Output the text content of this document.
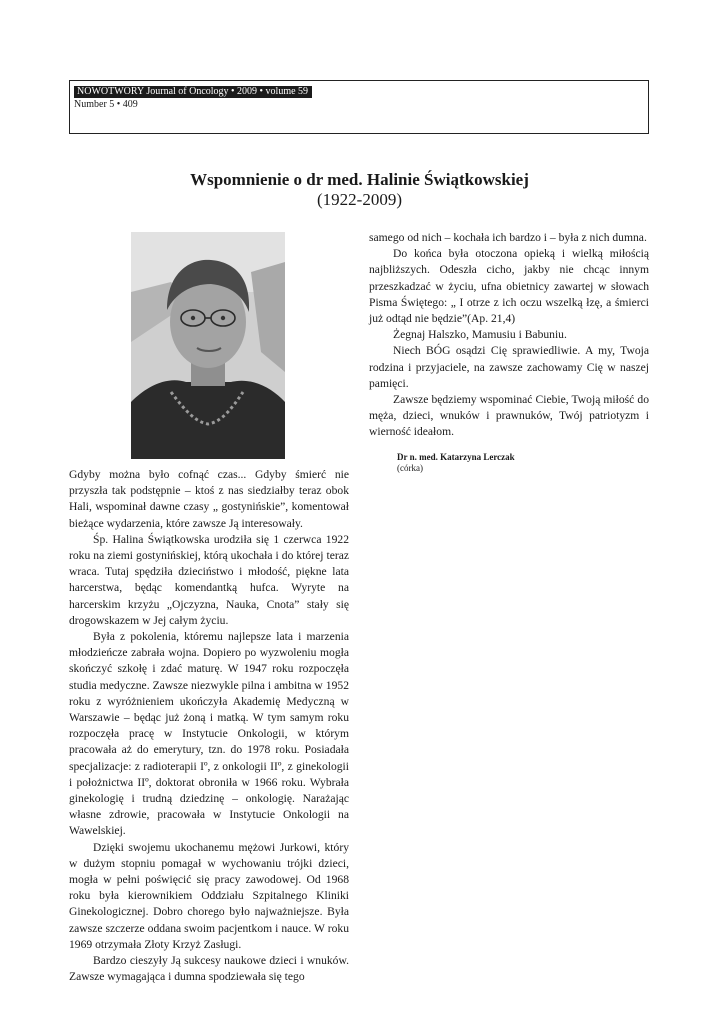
NOWOTWORY Journal of Oncology • 2009 • volume 59
Number 5 • 409
Wspomnienie o dr med. Halinie Świątkowskiej
(1922-2009)

Gdyby można było cofnąć czas... Gdyby śmierć nie przyszła tak podstępnie – ktoś z nas siedziałby teraz obok Hali, wspominał dawne czasy „ gostynińskie”, komentował bieżące wydarzenia, które zawsze Ją interesowały.

Śp. Halina Świątkowska urodziła się 1 czerwca 1922 roku na ziemi gostynińskiej, którą ukochała i do której teraz wraca. Tutaj spędziła dzieciństwo i młodość, piękne lata harcerstwa, będąc komendantką hufca. Wyryte na harcerskim krzyżu „Ojczyzna, Nauka, Cnota” stały się drogowskazem w Jej całym życiu.

Była z pokolenia, któremu najlepsze lata i marzenia młodzieńcze zabrała wojna. Dopiero po wyzwoleniu mogła skończyć szkołę i zdać maturę. W 1947 roku rozpoczęła studia medyczne. Zawsze niezwykle pilna i ambitna w 1952 roku z wyróżnieniem ukończyła Akademię Medyczną w Warszawie – będąc już żoną i matką. W tym samym roku rozpoczęła pracę w Instytucie Onkologii, w którym pracowała aż do emerytury, tzn. do 1978 roku. Posiadała specjalizacje: z radioterapii Iº, z onkologii IIº, z ginekologii i położnictwa IIº, doktorat obroniła w 1966 roku. Wybrała ginekologię i trudną dziedzinę – onkologię. Narażając własne zdrowie, pracowała w Instytucie Onkologii na Wawelskiej.

Dzięki swojemu ukochanemu mężowi Jurkowi, który w dużym stopniu pomagał w wychowaniu trójki dzieci, mogła w pełni poświęcić się pracy zawodowej. Od 1968 roku była kierownikiem Oddziału Szpitalnego Kliniki Ginekologicznej. Dobro chorego było najważniejsze. Była zawsze szczerze oddana swoim pacjentkom i nauce. W roku 1969 otrzymała Złoty Krzyż Zasługi.

Bardzo cieszyły Ją sukcesy naukowe dzieci i wnuków. Zawsze wymagająca i dumna spodziewała się tego

samego od nich – kochała ich bardzo i – była z nich dumna.

Do końca była otoczona opieką i wielką miłością najbliższych. Odeszła cicho, jakby nie chcąc innym przeszkadzać w życiu, ufna obietnicy zawartej w słowach Pisma Świętego: „ I otrze z ich oczu wszelką łzę, a śmierci już odtąd nie będzie”(Ap. 21,4)

Żegnaj Halszko, Mamusiu i Babuniu.

Niech BÓG osądzi Cię sprawiedliwie. A my, Twoja rodzina i przyjaciele, na zawsze zachowamy Cię w naszej pamięci.

Zawsze będziemy wspominać Ciebie, Twoją miłość do męża, dzieci, wnuków i prawnuków, Twój patriotyzm i wierność ideałom.

Dr n. med. Katarzyna Lerczak
(córka)
